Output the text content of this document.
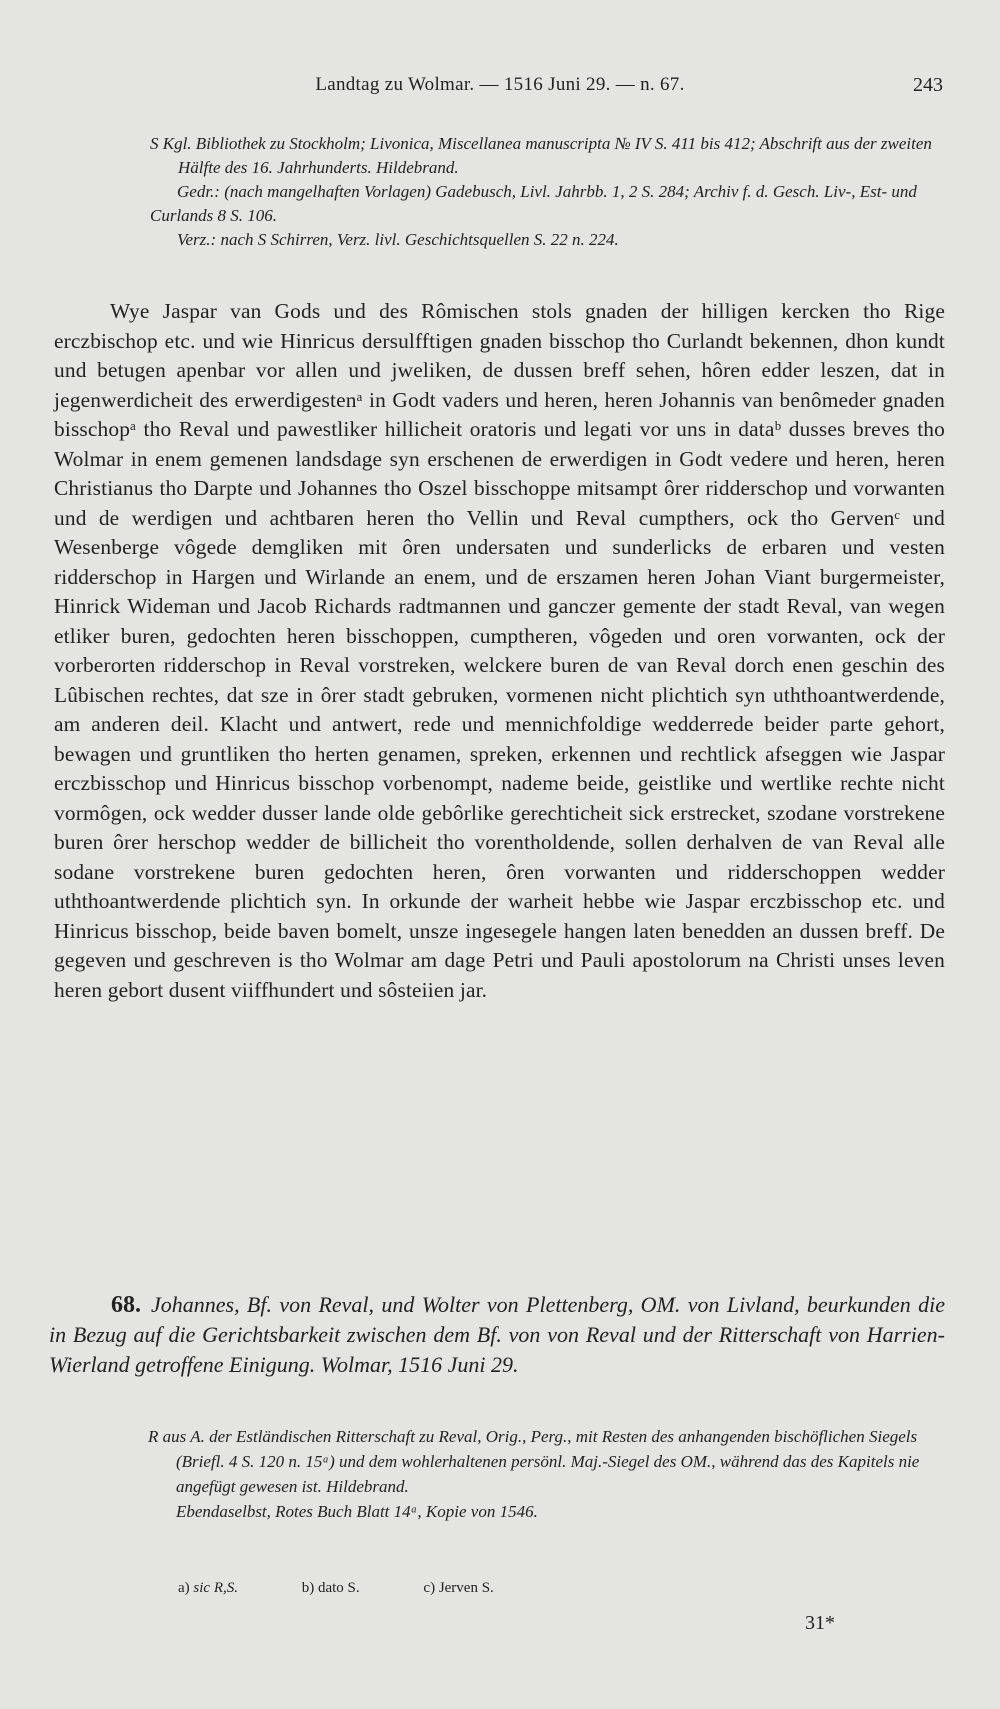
Landtag zu Wolmar. — 1516 Juni 29. — n. 67.	243

S Kgl. Bibliothek zu Stockholm; Livonica, Miscellanea manuscripta № IV S. 411 bis 412; Abschrift aus der zweiten Hälfte des 16. Jahrhunderts. Hildebrand.

Gedr.: (nach mangelhaften Vorlagen) Gadebusch, Livl. Jahrbb. 1, 2 S. 284; Archiv f. d. Gesch. Liv-, Est- und Curlands 8 S. 106.

Verz.: nach S Schirren, Verz. livl. Geschichtsquellen S. 22 n. 224.

Wye Jaspar van Gods und des Rômischen stols gnaden der hilligen kercken tho Rige erczbischop etc. und wie Hinricus dersulfftigen gnaden bisschop tho Curlandt bekennen, dhon kundt und betugen apenbar vor allen und jweliken, de dussen breff sehen, hôren edder leszen, dat in jegenwerdicheit des erwerdigestenᵃ in Godt vaders und heren, heren Johannis van benômeder gnaden bisschopᵃ tho Reval und pawestliker hillicheit oratoris und legati vor uns in dataᵇ dusses breves tho Wolmar in enem gemenen landsdage syn erschenen de erwerdigen in Godt vedere und heren, heren Christianus tho Darpte und Johannes tho Oszel bisschoppe mitsampt ôrer ridderschop und vorwanten und de werdigen und achtbaren heren tho Vellin und Reval cumpthers, ock tho Gervenᶜ und Wesenberge vôgede demgliken mit ôren undersaten und sunderlicks de erbaren und vesten ridderschop in Hargen und Wirlande an enem, und de erszamen heren Johan Viant burgermeister, Hinrick Wideman und Jacob Richards radtmannen und ganczer gemente der stadt Reval, van wegen etliker buren, gedochten heren bisschoppen, cumptheren, vôgeden und oren vorwanten, ock der vorberorten ridderschop in Reval vorstreken, welckere buren de van Reval dorch enen geschin des Lûbischen rechtes, dat sze in ôrer stadt gebruken, vormenen nicht plichtich syn uththoantwerdende, am anderen deil. Klacht und antwert, rede und mennichfoldige wedderrede beider parte gehort, bewagen und gruntliken tho herten genamen, spreken, erkennen und rechtlick afseggen wie Jaspar erczbisschop und Hinricus bisschop vorbenompt, nademe beide, geistlike und wertlike rechte nicht vormôgen, ock wedder dusser lande olde gebôrlike gerechticheit sick erstrecket, szodane vorstrekene buren ôrer herschop wedder de billicheit tho vorentholdende, sollen derhalven de van Reval alle sodane vorstrekene buren gedochten heren, ôren vorwanten und ridderschoppen wedder uththoantwerdende plichtich syn. In orkunde der warheit hebbe wie Jaspar erczbisschop etc. und Hinricus bisschop, beide baven bomelt, unsze ingesegele hangen laten benedden an dussen breff. De gegeven und geschreven is tho Wolmar am dage Petri und Pauli apostolorum na Christi unses leven heren gebort dusent viiffhundert und sôsteiien jar.

68. Johannes, Bf. von Reval, und Wolter von Plettenberg, OM. von Livland, beurkunden die in Bezug auf die Gerichtsbarkeit zwischen dem Bf. von von Reval und der Ritterschaft von Harrien-Wierland getroffene Einigung. Wolmar, 1516 Juni 29.

R aus A. der Estländischen Ritterschaft zu Reval, Orig., Perg., mit Resten des anhangenden bischöflichen Siegels (Briefl. 4 S. 120 n. 15ᵃ) und dem wohlerhaltenen persönl. Maj.-Siegel des OM., während das des Kapitels nie angefügt gewesen ist. Hildebrand.

Ebendaselbst, Rotes Buch Blatt 14ᵃ, Kopie von 1546.

a) sic R,S.	b) dato S.	c) Jerven S.
31*
